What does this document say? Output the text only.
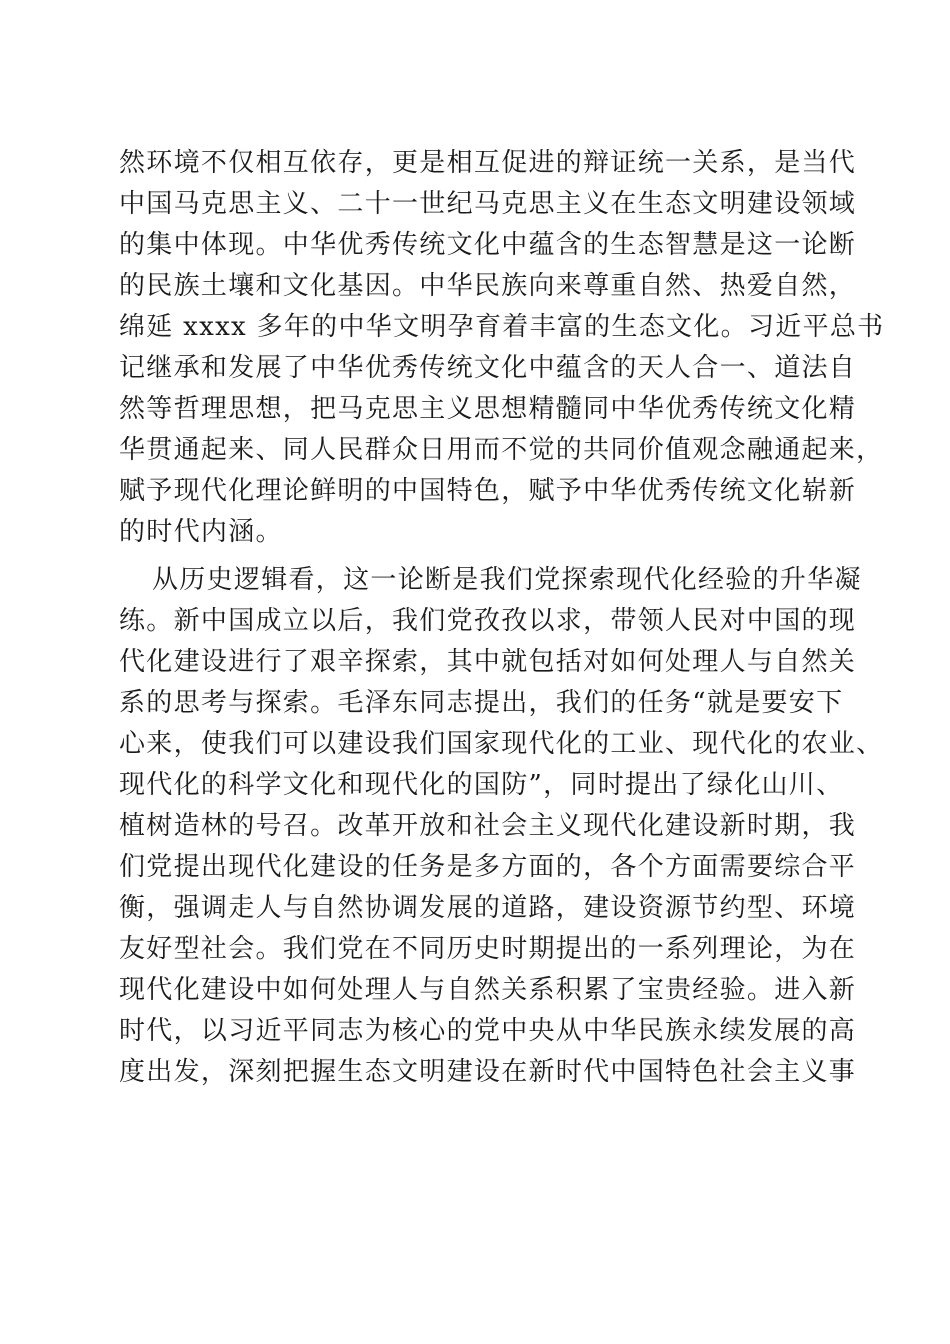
然环境不仅相互依存，更是相互促进的辩证统一关系，是当代
中国马克思主义、二十一世纪马克思主义在生态文明建设领域
的集中体现。中华优秀传统文化中蕴含的生态智慧是这一论断
的民族土壤和文化基因。中华民族向来尊重自然、热爱自然，
绵延 xxxx 多年的中华文明孕育着丰富的生态文化。习近平总书
记继承和发展了中华优秀传统文化中蕴含的天人合一、道法自
然等哲理思想，把马克思主义思想精髓同中华优秀传统文化精
华贯通起来、同人民群众日用而不觉的共同价值观念融通起来，
赋予现代化理论鲜明的中国特色，赋予中华优秀传统文化崭新
的时代内涵。
从历史逻辑看，这一论断是我们党探索现代化经验的升华凝
练。新中国成立以后，我们党孜孜以求，带领人民对中国的现
代化建设进行了艰辛探索，其中就包括对如何处理人与自然关
系的思考与探索。毛泽东同志提出，我们的任务“就是要安下
心来，使我们可以建设我们国家现代化的工业、现代化的农业、
现代化的科学文化和现代化的国防”，同时提出了绿化山川、
植树造林的号召。改革开放和社会主义现代化建设新时期，我
们党提出现代化建设的任务是多方面的，各个方面需要综合平
衡，强调走人与自然协调发展的道路，建设资源节约型、环境
友好型社会。我们党在不同历史时期提出的一系列理论，为在
现代化建设中如何处理人与自然关系积累了宝贵经验。进入新
时代，以习近平同志为核心的党中央从中华民族永续发展的高
度出发，深刻把握生态文明建设在新时代中国特色社会主义事
